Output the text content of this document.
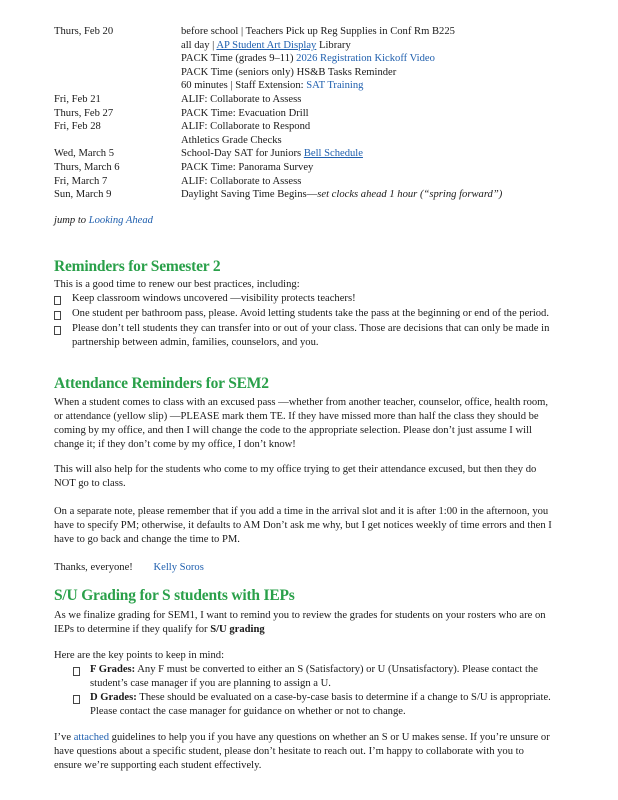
Thurs, Feb 20	before school | Teachers Pick up Reg Supplies in Conf Rm B225
all day | AP Student Art Display Library
PACK Time (grades 9–11) 2026 Registration Kickoff Video
PACK Time (seniors only) HS&B Tasks Reminder
60 minutes | Staff Extension: SAT Training
Fri, Feb 21	ALIF: Collaborate to Assess
Thurs, Feb 27	PACK Time: Evacuation Drill
Fri, Feb 28	ALIF: Collaborate to Respond
Athletics Grade Checks
Wed, March 5	School-Day SAT for Juniors Bell Schedule
Thurs, March 6	PACK Time: Panorama Survey
Fri, March 7	ALIF: Collaborate to Assess
Sun, March 9	Daylight Saving Time Begins—set clocks ahead 1 hour (“spring forward”)
jump to Looking Ahead
Reminders for Semester 2
This is a good time to renew our best practices, including:
Keep classroom windows uncovered —visibility protects teachers!
One student per bathroom pass, please. Avoid letting students take the pass at the beginning or end of the period.
Please don’t tell students they can transfer into or out of your class. Those are decisions that can only be made in partnership between admin, families, counselors, and you.
Attendance Reminders for SEM2
When a student comes to class with an excused pass —whether from another teacher, counselor, office, health room, or attendance (yellow slip) —PLEASE mark them TE. If they have missed more than half the class they should be coming by my office, and then I will change the code to the appropriate selection. Please don’t just assume I will change it; if they don’t come by my office, I don’t know!
This will also help for the students who come to my office trying to get their attendance excused, but then they do NOT go to class.
On a separate note, please remember that if you add a time in the arrival slot and it is after 1:00 in the afternoon, you have to specify PM; otherwise, it defaults to AM Don’t ask me why, but I get notices weekly of time errors and then I have to go back and change the time to PM.
Thanks, everyone! Kelly Soros
S/U Grading for S students with IEPs
As we finalize grading for SEM1, I want to remind you to review the grades for students on your rosters who are on IEPs to determine if they qualify for S/U grading
Here are the key points to keep in mind:
F Grades: Any F must be converted to either an S (Satisfactory) or U (Unsatisfactory). Please contact the student’s case manager if you are planning to assign a U.
D Grades: These should be evaluated on a case-by-case basis to determine if a change to S/U is appropriate. Please contact the case manager for guidance on whether or not to change.
I’ve attached guidelines to help you if you have any questions on whether an S or U makes sense. If you’re unsure or have questions about a specific student, please don’t hesitate to reach out. I’m happy to collaborate with you to ensure we’re supporting each student effectively.
